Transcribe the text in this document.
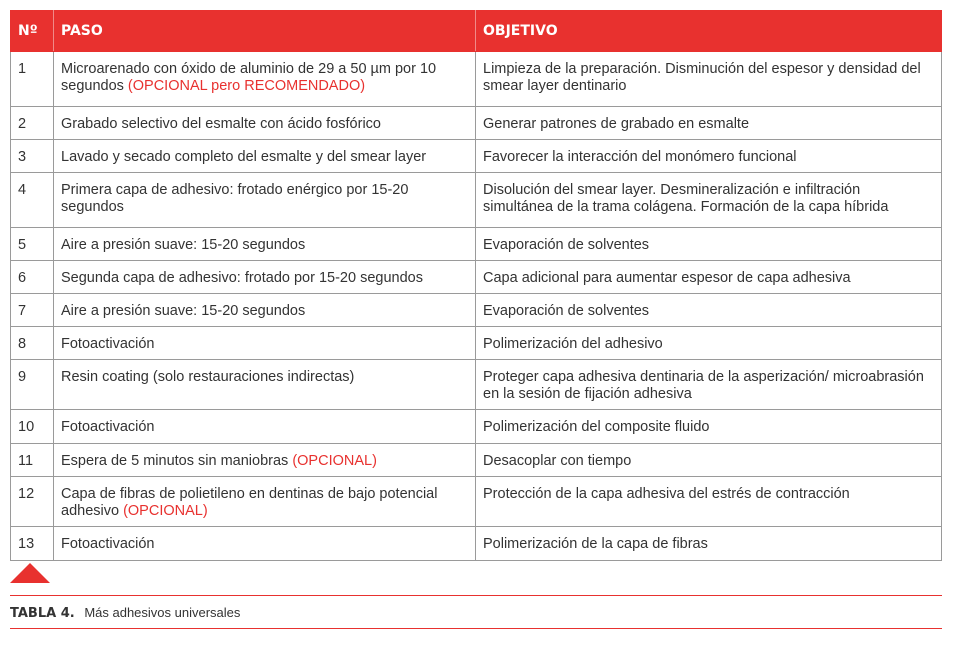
Nº	PASO	OBJETIVO
1	Microarenado con óxido de aluminio de 29 a 50 µm por 10 segundos (OPCIONAL pero RECOMENDADO)	Limpieza de la preparación. Disminución del espesor y densidad del smear layer dentinario
2	Grabado selectivo del esmalte con ácido fosfórico	Generar patrones de grabado en esmalte
3	Lavado y secado completo del esmalte y del smear layer	Favorecer la interacción del monómero funcional
4	Primera capa de adhesivo: frotado enérgico por 15-20 segundos	Disolución del smear layer. Desmineralización e infiltración simultánea de la trama colágena. Formación de la capa híbrida
5	Aire a presión suave: 15-20 segundos	Evaporación de solventes
6	Segunda capa de adhesivo: frotado por 15-20 segundos	Capa adicional para aumentar espesor de capa adhesiva
7	Aire a presión suave: 15-20 segundos	Evaporación de solventes
8	Fotoactivación	Polimerización del adhesivo
9	Resin coating (solo restauraciones indirectas)	Proteger capa adhesiva dentinaria de la asperización/ microabrasión en la sesión de fijación adhesiva
10	Fotoactivación	Polimerización del composite fluido
11	Espera de 5 minutos sin maniobras (OPCIONAL)	Desacoplar con tiempo
12	Capa de fibras de polietileno en dentinas de bajo potencial adhesivo (OPCIONAL)	Protección de la capa adhesiva del estrés de contracción
13	Fotoactivación	Polimerización de la capa de fibras
TABLA 4. Más adhesivos universales
